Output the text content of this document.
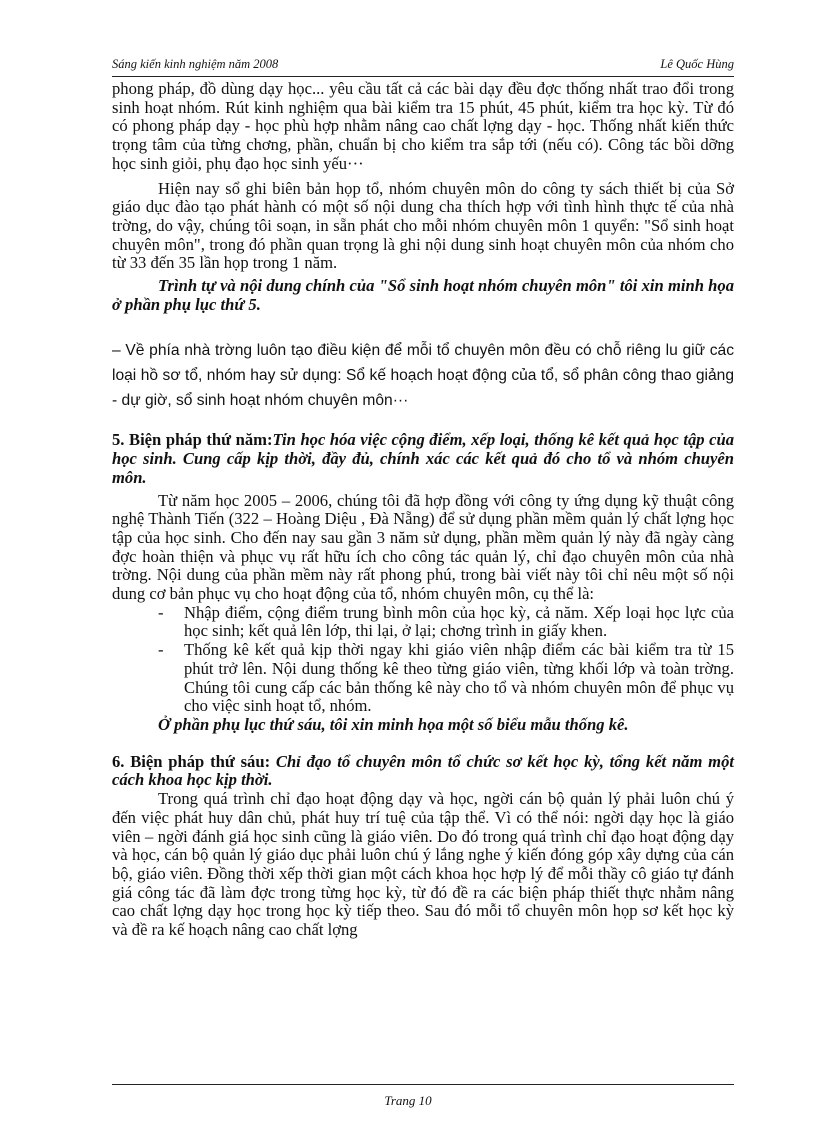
Sáng kiến kinh nghiệm năm 2008	Lê Quốc Hùng

phong pháp, đồ dùng dạy học... yêu cầu tất cả các bài dạy đều đợc thống nhất trao đổi trong sinh hoạt nhóm. Rút kinh nghiệm qua bài kiểm tra 15 phút, 45 phút, kiểm tra học kỳ. Từ đó có phong pháp dạy - học phù hợp nhằm nâng cao chất lợng dạy - học. Thống nhất kiến thức trọng tâm của từng chơng, phần, chuẩn bị cho kiểm tra sắp tới (nếu có). Công tác bồi dỡng học sinh giỏi, phụ đạo học sinh yếu···

Hiện nay sổ ghi biên bản họp tổ, nhóm chuyên môn do công ty sách thiết bị của Sở giáo dục đào tạo phát hành có một số nội dung cha thích hợp với tình hình thực tế của nhà trờng, do vậy, chúng tôi soạn, in sẵn phát cho mỗi nhóm chuyên môn 1 quyển: "Sổ sinh hoạt chuyên môn", trong đó phần quan trọng là ghi nội dung sinh hoạt chuyên môn của nhóm cho từ 33 đến 35 lần họp trong 1 năm.

Trình tự và nội dung chính của "Sổ sinh hoạt nhóm chuyên môn" tôi xin minh họa ở phần phụ lục thứ 5.

– Về phía nhà trờng luôn tạo điều kiện để mỗi tổ chuyên môn đều có chỗ riêng lu giữ các loại hồ sơ tổ, nhóm hay sử dụng: Sổ kế hoạch hoạt động của tổ, sổ phân công thao giảng - dự giờ, sổ sinh hoạt nhóm chuyên môn···

5. Biện pháp thứ năm:Tin học hóa việc cộng điểm, xếp loại, thống kê kết quả học tập của học sinh. Cung cấp kịp thời, đầy đủ, chính xác các kết quả đó cho tổ và nhóm chuyên môn.

Từ năm học 2005 – 2006, chúng tôi đã hợp đồng với công ty ứng dụng kỹ thuật công nghệ Thành Tiến (322 – Hoàng Diệu , Đà Nẵng) để sử dụng phần mềm quản lý chất lợng học tập của học sinh. Cho đến nay sau gần 3 năm sử dụng, phần mềm quản lý này đã ngày càng đợc hoàn thiện và phục vụ rất hữu ích cho công tác quản lý, chỉ đạo chuyên môn của nhà trờng. Nội dung của phần mềm này rất phong phú, trong bài viết này tôi chỉ nêu một số nội dung cơ bản phục vụ cho hoạt động của tổ, nhóm chuyên môn, cụ thể là:

- Nhập điểm, cộng điểm trung bình môn của học kỳ, cả năm. Xếp loại học lực của học sinh; kết quả lên lớp, thi lại, ở lại; chơng trình in giấy khen.
- Thống kê kết quả kịp thời ngay khi giáo viên nhập điểm các bài kiểm tra từ 15 phút trở lên. Nội dung thống kê theo từng giáo viên, từng khối lớp và toàn trờng. Chúng tôi cung cấp các bản thống kê này cho tổ và nhóm chuyên môn để phục vụ cho việc sinh hoạt tổ, nhóm.

Ở phần phụ lục thứ sáu, tôi xin minh họa một số biểu mẫu thống kê.

6. Biện pháp thứ sáu: Chỉ đạo tổ chuyên môn tổ chức sơ kết học kỳ, tổng kết năm một cách khoa học kịp thời.

Trong quá trình chỉ đạo hoạt động dạy và học, ngời cán bộ quản lý phải luôn chú ý đến việc phát huy dân chủ, phát huy trí tuệ của tập thể. Vì có thể nói: ngời dạy học là giáo viên – ngời đánh giá học sinh cũng là giáo viên. Do đó trong quá trình chỉ đạo hoạt động dạy và học, cán bộ quản lý giáo dục phải luôn chú ý lắng nghe ý kiến đóng góp xây dựng của cán bộ, giáo viên. Đồng thời xếp thời gian một cách khoa học hợp lý để mỗi thầy cô giáo tự đánh giá công tác đã làm đợc trong từng học kỳ, từ đó đề ra các biện pháp thiết thực nhằm nâng cao chất lợng dạy học trong học kỳ tiếp theo. Sau đó mỗi tổ chuyên môn họp sơ kết học kỳ và đề ra kế hoạch nâng cao chất lợng

Trang 10
